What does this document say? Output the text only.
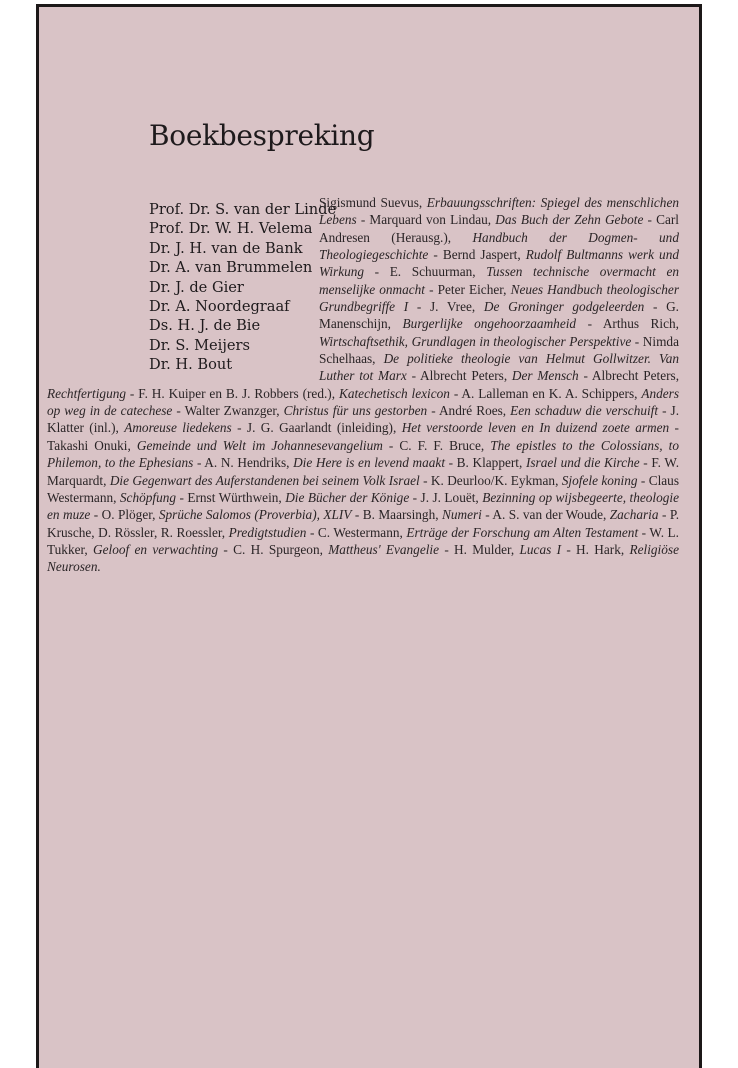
Boekbespreking
Prof. Dr. S. van der Linde
Prof. Dr. W. H. Velema
Dr. J. H. van de Bank
Dr. A. van Brummelen
Dr. J. de Gier
Dr. A. Noordegraaf
Ds. H. J. de Bie
Dr. S. Meijers
Dr. H. Bout

Sigismund Suevus, Erbauungsschriften: Spiegel des menschlichen Lebens - Marquard von Lindau, Das Buch der Zehn Gebote - Carl Andresen (Herausg.), Handbuch der Dogmen- und Theologiegeschichte - Bernd Jaspert, Rudolf Bultmanns werk und Wirkung - E. Schuurman, Tussen technische overmacht en menselijke onmacht - Peter Eicher, Neues Handbuch theologischer Grundbegriffe I - J. Vree, De Groninger godgeleerden - G. Manenschijn, Burgerlijke ongehoorzaamheid - Arthus Rich, Wirtschaftsethik, Grundlagen in theologischer Perspektive - Nimda Schelhaas, De politieke theologie van Helmut Gollwitzer. Van Luther tot Marx - Albrecht Peters, Der Mensch - Albrecht Peters, Rechtfertigung - F. H. Kuiper en B. J. Robbers (red.), Katechetisch lexicon - A. Lalleman en K. A. Schippers, Anders op weg in de catechese - Walter Zwanzger, Christus für uns gestorben - André Roes, Een schaduw die verschuift - J. Klatter (inl.), Amoreuse liedekens - J. G. Gaarlandt (inleiding), Het verstoorde leven en In duizend zoete armen - Takashi Onuki, Gemeinde und Welt im Johannesevangelium - C. F. F. Bruce, The epistles to the Colossians, to Philemon, to the Ephesians - A. N. Hendriks, Die Here is en levend maakt - B. Klappert, Israel und die Kirche - F. W. Marquardt, Die Gegenwart des Auferstandenen bei seinem Volk Israel - K. Deurloo/K. Eykman, Sjofele koning - Claus Westermann, Schöpfung - Ernst Würthwein, Die Bücher der Könige - J. J. Louët, Bezinning op wijsbegeerte, theologie en muze - O. Plöger, Sprüche Salomos (Proverbia), XLIV - B. Maarsingh, Numeri - A. S. van der Woude, Zacharia - P. Krusche, D. Rössler, R. Roessler, Predigtstudien - C. Westermann, Erträge der Forschung am Alten Testament - W. L. Tukker, Geloof en verwachting - C. H. Spurgeon, Mattheus' Evangelie - H. Mulder, Lucas I - H. Hark, Religiöse Neurosen.
